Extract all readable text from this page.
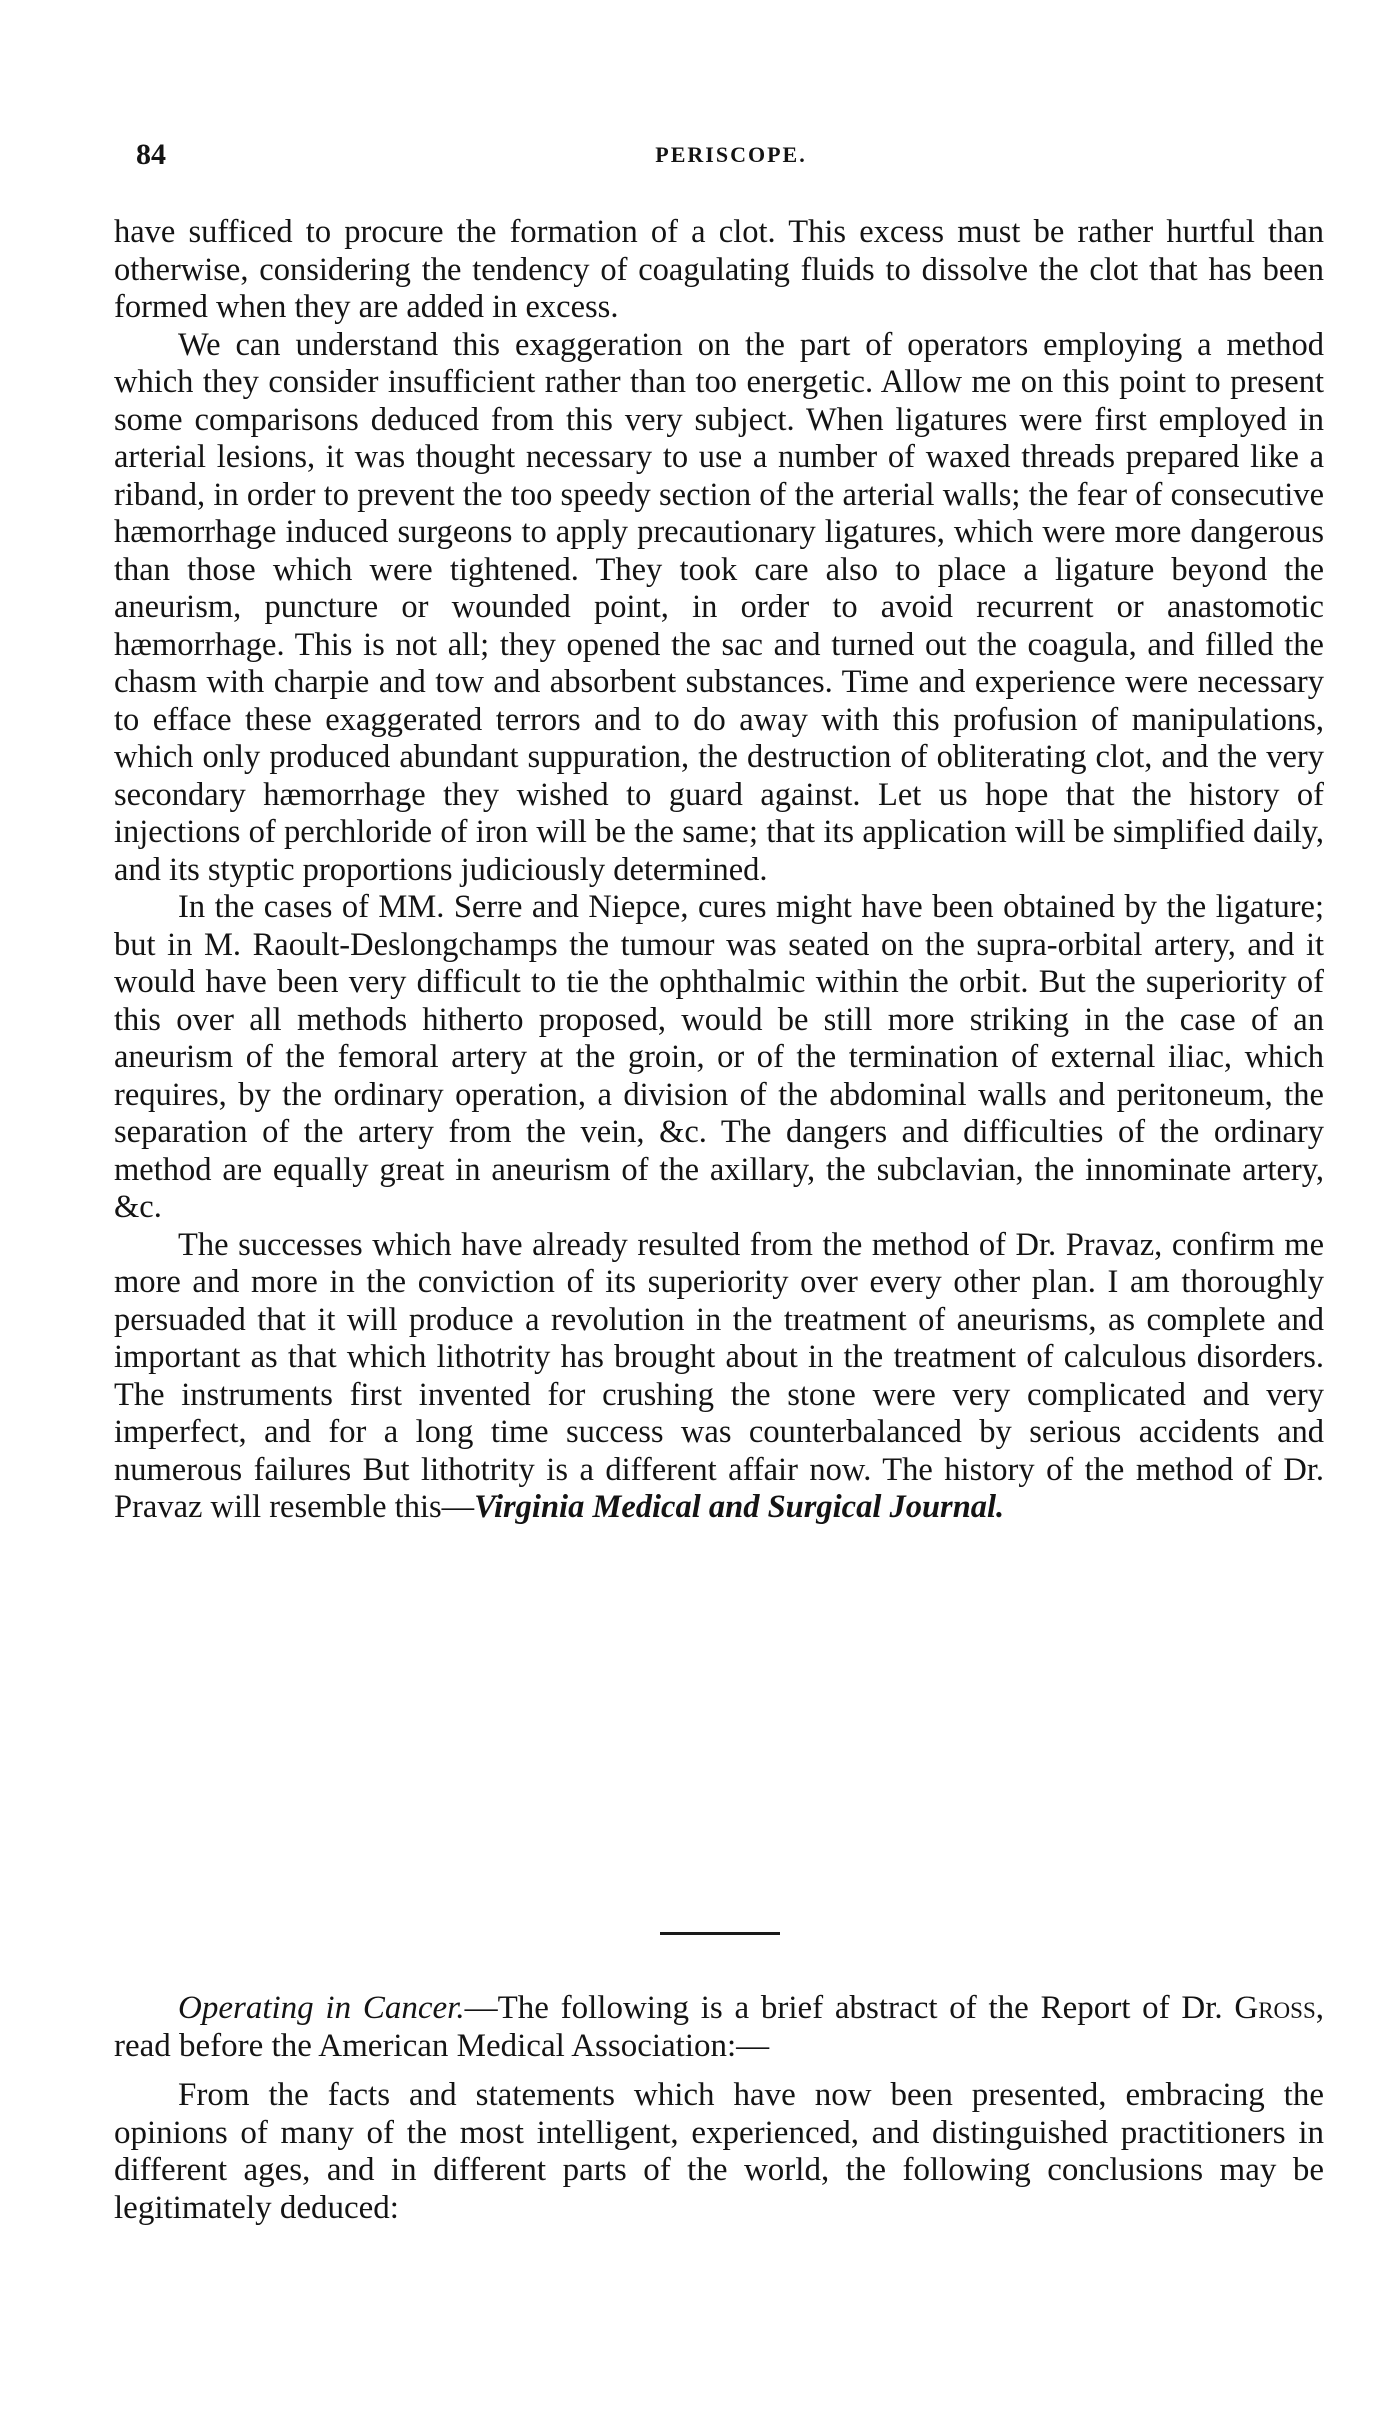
84	PERISCOPE.

have sufficed to procure the formation of a clot. This excess must be rather hurtful than otherwise, considering the tendency of coagulating fluids to dissolve the clot that has been formed when they are added in excess.

We can understand this exaggeration on the part of operators employing a method which they consider insufficient rather than too energetic. Allow me on this point to present some comparisons deduced from this very subject. When ligatures were first employed in arterial lesions, it was thought necessary to use a number of waxed threads prepared like a riband, in order to prevent the too speedy section of the arterial walls; the fear of consecutive hæmorrhage induced surgeons to apply precautionary ligatures, which were more dangerous than those which were tightened. They took care also to place a ligature beyond the aneurism, puncture or wounded point, in order to avoid recurrent or anastomotic hæmorrhage. This is not all; they opened the sac and turned out the coagula, and filled the chasm with charpie and tow and absorbent substances. Time and experience were necessary to efface these exaggerated terrors and to do away with this profusion of manipulations, which only produced abundant suppuration, the destruction of obliterating clot, and the very secondary hæmorrhage they wished to guard against. Let us hope that the history of injections of perchloride of iron will be the same; that its application will be simplified daily, and its styptic proportions judiciously determined.

In the cases of MM. Serre and Niepce, cures might have been obtained by the ligature; but in M. Raoult-Deslongchamps the tumour was seated on the supra-orbital artery, and it would have been very difficult to tie the ophthalmic within the orbit. But the superiority of this over all methods hitherto proposed, would be still more striking in the case of an aneurism of the femoral artery at the groin, or of the termination of external iliac, which requires, by the ordinary operation, a division of the abdominal walls and peritoneum, the separation of the artery from the vein, &c. The dangers and difficulties of the ordinary method are equally great in aneurism of the axillary, the subclavian, the innominate artery, &c.

The successes which have already resulted from the method of Dr. Pravaz, confirm me more and more in the conviction of its superiority over every other plan. I am thoroughly persuaded that it will produce a revolution in the treatment of aneurisms, as complete and important as that which lithotrity has brought about in the treatment of calculous disorders. The instruments first invented for crushing the stone were very complicated and very imperfect, and for a long time success was counterbalanced by serious accidents and numerous failures But lithotrity is a different affair now. The history of the method of Dr. Pravaz will resemble this—Virginia Medical and Surgical Journal.

Operating in Cancer.—The following is a brief abstract of the Report of Dr. Gross, read before the American Medical Association:—

From the facts and statements which have now been presented, embracing the opinions of many of the most intelligent, experienced, and distinguished practitioners in different ages, and in different parts of the world, the following conclusions may be legitimately deduced:
